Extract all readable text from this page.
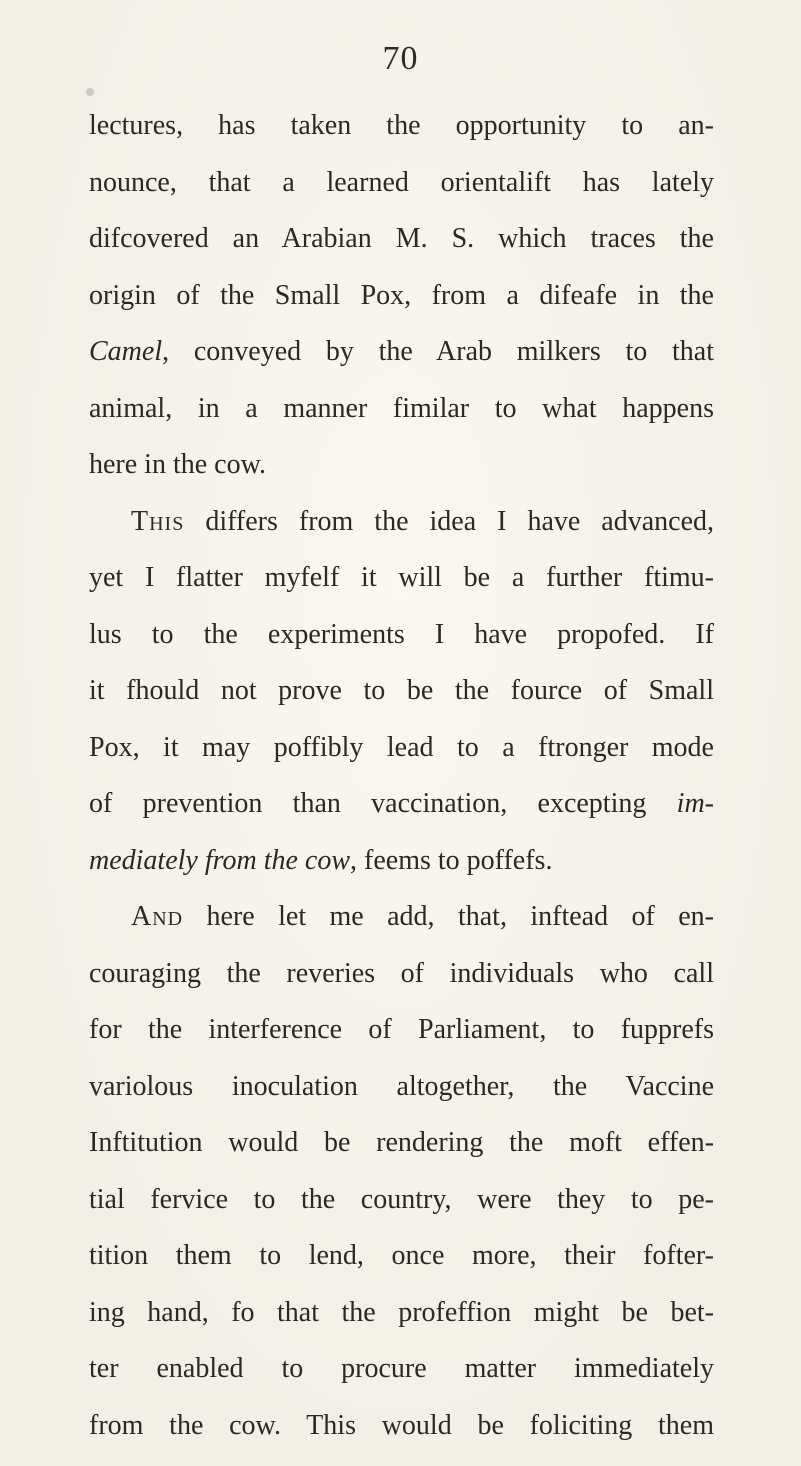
70
lectures, has taken the opportunity to an-
nounce, that a learned orientalift has lately
difcovered an Arabian M. S. which traces the
origin of the Small Pox, from a difeafe in the
Camel, conveyed by the Arab milkers to that
animal, in a manner fimilar to what happens
here in the cow.
This differs from the idea I have advanced,
yet I flatter myfelf it will be a further ftimu-
lus to the experiments I have propofed. If
it fhould not prove to be the fource of Small
Pox, it may poffibly lead to a ftronger mode
of prevention than vaccination, excepting im-
mediately from the cow, feems to poffefs.
And here let me add, that, inftead of en-
couraging the reveries of individuals who call
for the interference of Parliament, to fupprefs
variolous inoculation altogether, the Vaccine
Inftitution would be rendering the moft effen-
tial fervice to the country, were they to pe-
tition them to lend, once more, their fofter-
ing hand, fo that the profeffion might be bet-
ter enabled to procure matter immediately
from the cow. This would be foliciting them
